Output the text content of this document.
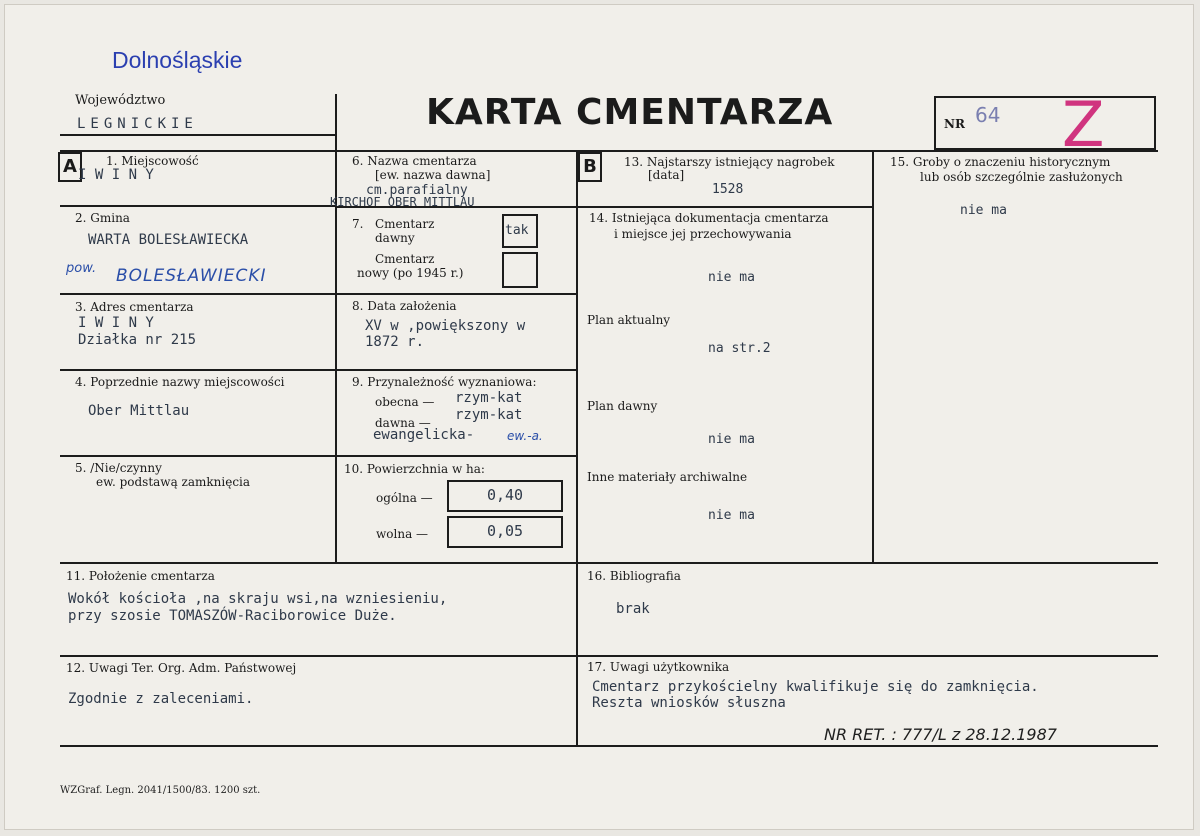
Dolnośląskie
Województwo
LEGNICKIE	KARTA CMENTARZA	NR 64 Z
A	1. Miejscowość
I W I N Y
2. Gmina
WARTA BOLESŁAWIECKA
pow. BOLESŁAWIECKI
3. Adres cmentarza
I W I N Y
Działka nr 215
4. Poprzednie nazwy miejscowości
Ober Mittlau
5. /Nie/czynny
ew. podstawą zamknięcia
6. Nazwa cmentarza
[ew. nazwa dawna]
cm.parafialny
KIRCHOF OBER MITTLAU
7. Cmentarz
dawny	tak
Cmentarz
nowy (po 1945 r.)
8. Data założenia
XV w ,powiększony w
1872 r.
9. Przynależność wyznaniowa:
obecna — rzym-kat
dawna — rzym-kat
ewangelicka-	ew.-a.
10. Powierzchnia w ha:
ogólna —	0,40
wolna —	0,05
B	13. Najstarszy istniejący nagrobek
[data]
1528
14. Istniejąca dokumentacja cmentarza
i miejsce jej przechowywania
nie ma
Plan aktualny
na str.2
Plan dawny
nie ma
Inne materiały archiwalne
nie ma
15. Groby o znaczeniu historycznym
lub osób szczególnie zasłużonych
nie ma
11. Położenie cmentarza
Wokół kościoła ,na skraju wsi,na wzniesieniu,
przy szosie TOMASZÓW-Raciborowice Duże.
16. Bibliografia
brak
12. Uwagi Ter. Org. Adm. Państwowej
Zgodnie z zaleceniami.
17. Uwagi użytkownika
Cmentarz przykościelny kwalifikuje się do zamknięcia.
Reszta wniosków słuszna
NR RET. : 777/L z 28.12.1987
WZGraf. Legn. 2041/1500/83. 1200 szt.
